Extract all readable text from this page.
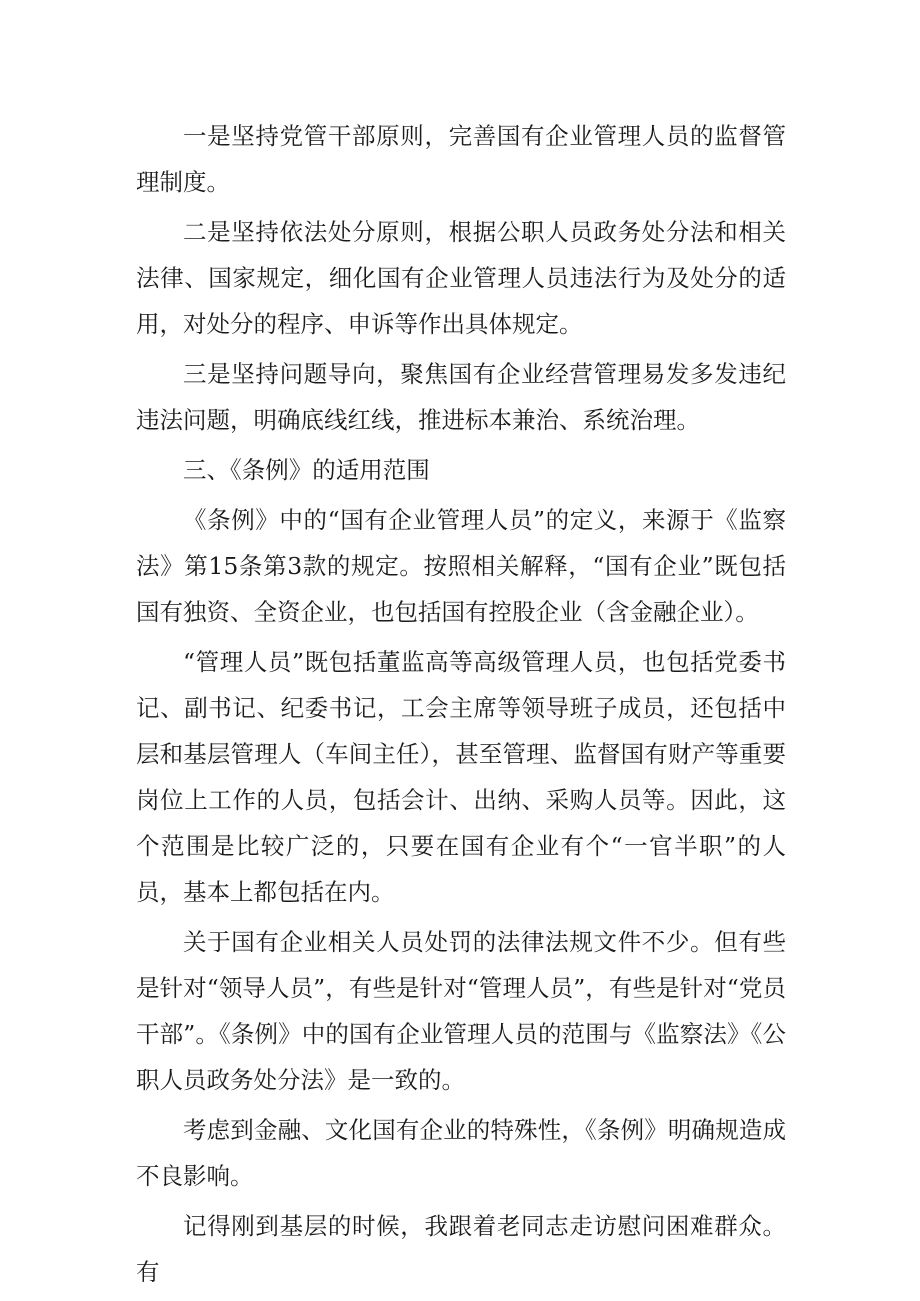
一是坚持党管干部原则，完善国有企业管理人员的监督管理制度。

二是坚持依法处分原则，根据公职人员政务处分法和相关法律、国家规定，细化国有企业管理人员违法行为及处分的适用，对处分的程序、申诉等作出具体规定。

三是坚持问题导向，聚焦国有企业经营管理易发多发违纪违法问题，明确底线红线，推进标本兼治、系统治理。

三、《条例》的适用范围

《条例》中的“国有企业管理人员”的定义，来源于《监察法》第15条第3款的规定。按照相关解释，“国有企业”既包括国有独资、全资企业，也包括国有控股企业（含金融企业）。

“管理人员”既包括董监高等高级管理人员，也包括党委书记、副书记、纪委书记，工会主席等领导班子成员，还包括中层和基层管理人（车间主任），甚至管理、监督国有财产等重要岗位上工作的人员，包括会计、出纳、采购人员等。因此，这个范围是比较广泛的，只要在国有企业有个“一官半职”的人员，基本上都包括在内。

关于国有企业相关人员处罚的法律法规文件不少。但有些是针对“领导人员”，有些是针对“管理人员”，有些是针对“党员干部”。《条例》中的国有企业管理人员的范围与《监察法》《公职人员政务处分法》是一致的。

考虑到金融、文化国有企业的特殊性，《条例》明确规造成不良影响。

记得刚到基层的时候，我跟着老同志走访慰问困难群众。有
